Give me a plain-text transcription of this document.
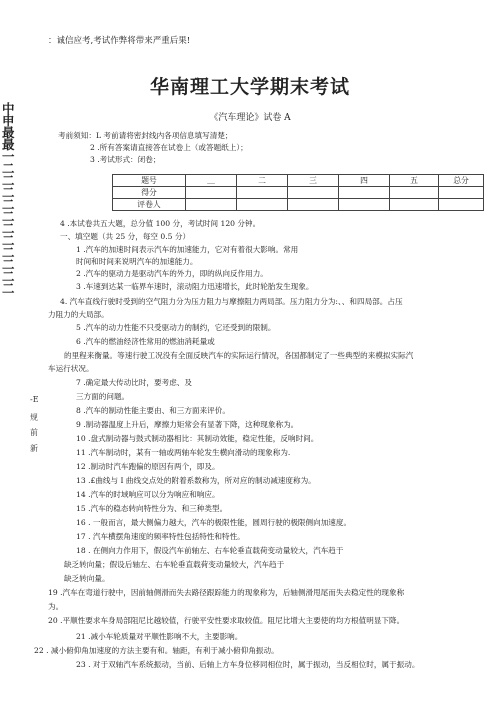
：诚信应考,考试作弊将带来严重后果!
华南理工大学期末考试
《汽车理论》试卷 A
中 申 最 最 一 二 二 二 二 二 二 二 二 二 二 二
-E
规
前
新
考前须知：L 考前请将密封线内各项信息填写清楚；
2 .所有答案请直接答在试卷上（或答题纸上）；
3 .考试形式：闭卷；
题号	＿	二	三	四	五	总分
得分						
评卷人						
4 .本试卷共五大题，总分值 100 分，考试时间 120 分钟。
一、填空题（共 25 分，每空 0.5 分）
1 .汽车的加速时间表示汽车的加速能力，它对有着很大影响。常用
时间和时间来说明汽车的加速能力。
2 .汽车的驱动力是驱动汽车的外力，即的纵向反作用力。
3 .车速到达某一临界车速时，滚动阻力迅速增长，此时轮胎发生现象。
4. 汽车直线行驶时受到的空气阻力分为压力阻力与摩擦阻力两局部。压力阻力分为:、、和四局部。占压
力阻力的大局部。
5 .汽车的动力性能不只受驱动力的制约，它还受到的限制。
6 .汽车的燃油经济性常用的燃油消耗量或
的里程来衡量。等速行驶工况没有全面反映汽车的实际运行情况，各国都制定了一些典型的来模拟实际汽
车运行状况。
7 .确定最大传动比时，要考虑、及
三方面的问题。
8 .汽车的制动性能主要由、和三方面来评价。
9 .制动器温度上升后，摩擦力矩常会有显著下降，这种现象称为。
10 .盘式制动器与鼓式制动器相比：其制动效能，稳定性能，反响时间。
11 .汽车制动时，某有一轴或两轴车轮发生横向滑动的现象称为.
12 .制动时汽车跑偏的原因有两个，即及。
13 .£曲线与 I 曲线交点处的附着系数称为，所对应的制动减速度称为。
14 .汽车的时域响应可以分为响应和响应。
15 .汽车的稳态转向特性分为、和三种类型。
16 . 一般而言，最大侧偏力越大，汽车的极限性能，圆周行驶的极限侧向加速度。
17 . 汽车横摆角速度的频率特性包括特性和特性。
18 . 在侧向力作用下，假设汽车前轴左、右车轮垂直载荷变动量较大，汽车趋于
缺乏转向量；假设后轴左、右车轮垂直载荷变动量较大，汽车趋于
缺乏转向量。
19 .汽车在弯道行驶中，因前轴侧滑而失去路径跟踪能力的现象称为，后轴侧滑甩尾而失去稳定性的现象称
为。
20 .平顺性要求车身局部阻尼比越较值，行驶平安性要求取较值。阻尼比增大主要使的均方根值明显下降。
21 .减小车轮质量对平顺性影响不大，主要影响。
22 . 减小俯仰角加速度的方法主要有和。轴距，有利于减小俯仰角振动。
23 . 对于双轴汽车系统振动，当前、后轴上方车身位移同相位时，属于振动，当反相位时，属于振动。
